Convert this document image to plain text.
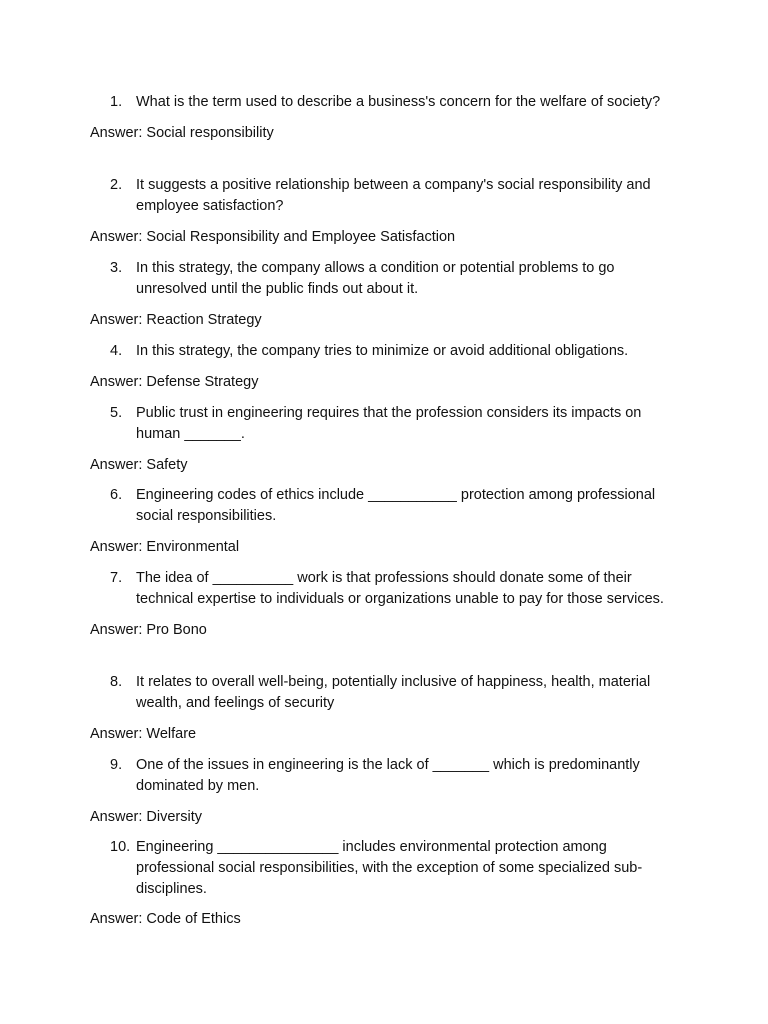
1. What is the term used to describe a business's concern for the welfare of society?
Answer: Social responsibility
2. It suggests a positive relationship between a company's social responsibility and employee satisfaction?
Answer: Social Responsibility and Employee Satisfaction
3. In this strategy, the company allows a condition or potential problems to go unresolved until the public finds out about it.
Answer: Reaction Strategy
4. In this strategy, the company tries to minimize or avoid additional obligations.
Answer: Defense Strategy
5. Public trust in engineering requires that the profession considers its impacts on human _______.
Answer: Safety
6. Engineering codes of ethics include ___________ protection among professional social responsibilities.
Answer: Environmental
7. The idea of __________ work is that professions should donate some of their technical expertise to individuals or organizations unable to pay for those services.
Answer: Pro Bono
8. It relates to overall well-being, potentially inclusive of happiness, health, material wealth, and feelings of security
Answer: Welfare
9. One of the issues in engineering is the lack of _______ which is predominantly dominated by men.
Answer: Diversity
10. Engineering _______________ includes environmental protection among professional social responsibilities, with the exception of some specialized sub-disciplines.
Answer: Code of Ethics
